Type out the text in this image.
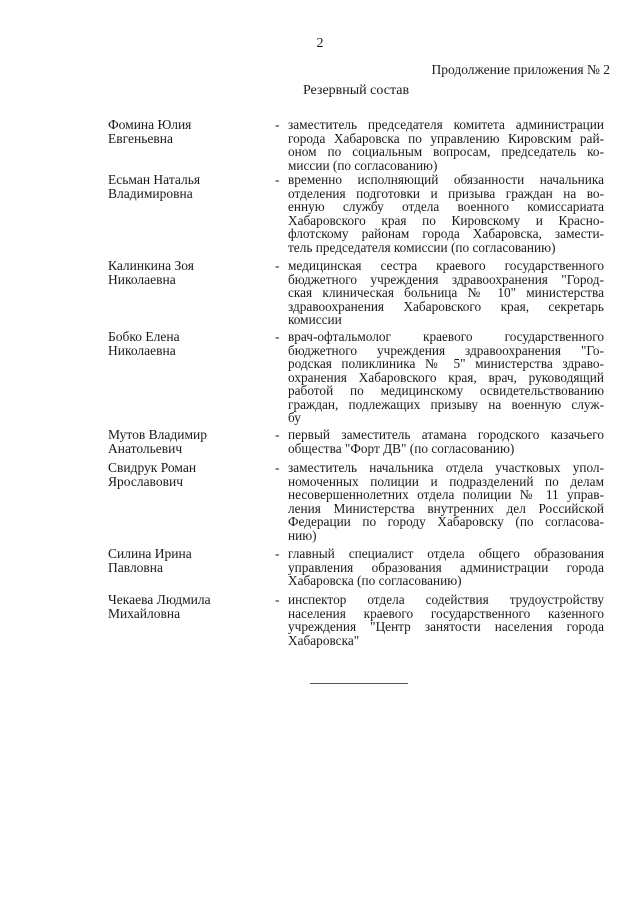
2
Продолжение приложения № 2
Резервный состав
Фомина Юлия
Евгеньевна
- заместитель председателя комитета администрации
города Хабаровска по управлению Кировским рай-
оном по социальным вопросам, председатель ко-
миссии (по согласованию)
Есьман Наталья
Владимировна
- временно исполняющий обязанности начальника
отделения подготовки и призыва граждан на во-
енную службу отдела военного комиссариата
Хабаровского края по Кировскому и Красно-
флотскому районам города Хабаровска, замести-
тель председателя комиссии (по согласованию)
Калинкина Зоя
Николаевна
- медицинская сестра краевого государственного
бюджетного учреждения здравоохранения "Город-
ская клиническая больница № 10" министерства
здравоохранения Хабаровского края, секретарь
комиссии
Бобко Елена
Николаевна
- врач-офтальмолог краевого государственного
бюджетного учреждения здравоохранения "Го-
родская поликлиника № 5" министерства здраво-
охранения Хабаровского края, врач, руководящий
работой по медицинскому освидетельствованию
граждан, подлежащих призыву на военную служ-
бу
Мутов Владимир
Анатольевич
- первый заместитель атамана городского казачьего
общества "Форт ДВ" (по согласованию)
Свидрук Роман
Ярославович
- заместитель начальника отдела участковых упол-
номоченных полиции и подразделений по делам
несовершеннолетних отдела полиции № 11 управ-
ления Министерства внутренних дел Российской
Федерации по городу Хабаровску (по согласова-
нию)
Силина Ирина
Павловна
- главный специалист отдела общего образования
управления образования администрации города
Хабаровска (по согласованию)
Чекаева Людмила
Михайловна
- инспектор отдела содействия трудоустройству
населения краевого государственного казенного
учреждения "Центр занятости населения города
Хабаровска"
